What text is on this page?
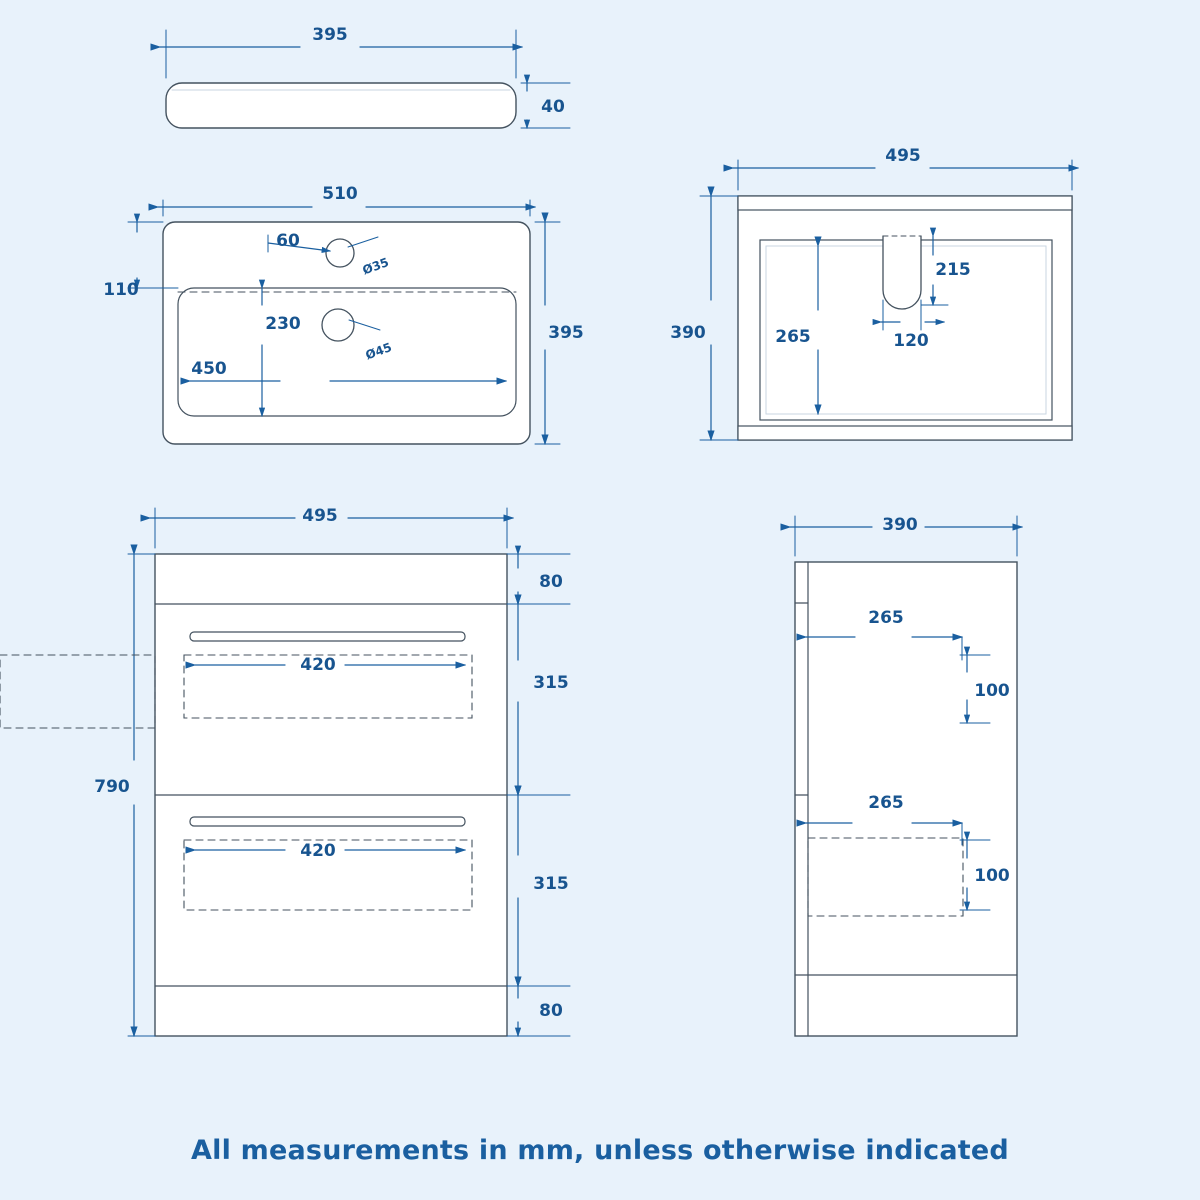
395
40
510
395
110
60
Ø35
Ø45
230
450
495
390
215
120
265
495
790
80
315
315
80
420
420
390
265
100
265
100
All measurements in mm, unless otherwise indicated
